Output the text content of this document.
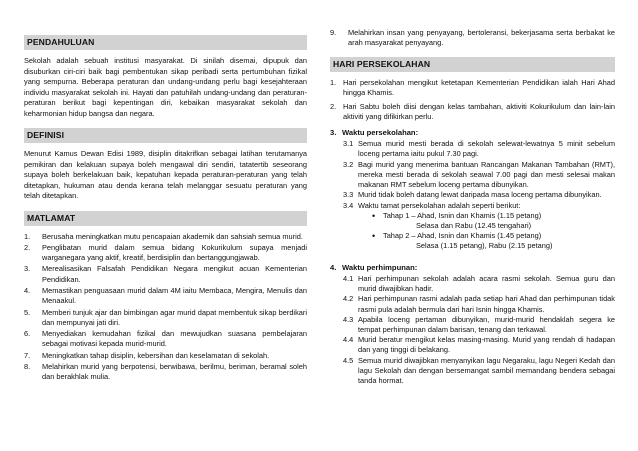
PENDAHULUAN

Sekolah adalah sebuah institusi masyarakat. Di sinilah disemai, dipupuk dan disuburkan ciri-ciri baik bagi pembentukan sikap peribadi serta pertumbuhan fizikal yang sempurna. Beberapa peraturan dan undang-undang perlu bagi kesejahteraan individu masyarakat sekolah ini. Hayati dan patuhilah undang-undang dan peraturan-peraturan berikut bagi kepentingan diri, kebaikan masyarakat sekolah dan keharmonian hidup bangsa dan negara.

DEFINISI

Menurut Kamus Dewan Edisi 1989, disiplin ditakrifkan sebagai latihan terutamanya pemikiran dan kelakuan supaya boleh mengawal diri sendiri, tatatertib seseorang supaya boleh berkelakuan baik, kepatuhan kepada peraturan-peraturan yang telah ditetapkan, hukuman atau denda kerana telah melanggar sesuatu peraturan yang telah ditetapkan.

MATLAMAT
1.	Berusaha meningkatkan mutu pencapaian akademik dan sahsiah semua murid.
2.	Penglibatan murid dalam semua bidang Kokurikulum supaya menjadi warganegara yang aktif, kreatif, berdisiplin dan bertanggungjawab.
3.	Merealisasikan Falsafah Pendidikan Negara mengikut acuan Kementerian Pendidikan.
4.	Memastikan penguasaan murid dalam 4M iaitu Membaca, Mengira, Menulis dan Menaakul.
5.	Memberi tunjuk ajar dan bimbingan agar murid dapat membentuk sikap berdikari dan mempunyai jati diri.
6.	Menyediakan kemudahan fizikal dan mewujudkan suasana pembelajaran sebagai motivasi kepada murid-murid.
7.	Meningkatkan tahap disiplin, kebersihan dan keselamatan di sekolah.
8.	Melahirkan murid yang berpotensi, berwibawa, berilmu, beriman, beramal soleh dan berakhlak mulia.
9.	Melahirkan insan yang penyayang, bertoleransi, bekerjasama serta berbakat ke arah masyarakat penyayang.
HARI PERSEKOLAHAN
1. Hari persekolahan mengikut ketetapan Kementerian Pendidikan ialah Hari Ahad hingga Khamis.
2. Hari Sabtu boleh diisi dengan kelas tambahan, aktiviti Kokurikulum dan lain-lain aktiviti yang difikirkan perlu.
3. Waktu persekolahan:
3.1 Semua murid mesti berada di sekolah selewat-lewatnya 5 minit sebelum loceng pertama iaitu pukul 7.30 pagi.
3.2 Bagi murid yang menerima bantuan Rancangan Makanan Tambahan (RMT), mereka mesti berada di sekolah seawal 7.00 pagi dan mesti selesai makan makanan RMT sebelum loceng pertama dibunyikan.
3.3 Murid tidak boleh datang lewat daripada masa loceng pertama dibunyikan.
3.4 Waktu tamat persekolahan adalah seperti berikut:
•	Tahap 1 – Ahad, Isnin dan Khamis (1.15 petang)
Selasa dan Rabu (12.45 tengahari)
•	Tahap 2 – Ahad, Isnin dan Khamis (1.45 petang)
Selasa (1.15 petang), Rabu (2.15 petang)
4. Waktu perhimpunan:
4.1 Hari perhimpunan sekolah adalah acara rasmi sekolah. Semua guru dan murid diwajibkan hadir.
4.2 Hari perhimpunan rasmi adalah pada setiap hari Ahad dan perhimpunan tidak rasmi pula adalah bermula dari hari Isnin hingga Khamis.
4.3 Apabila loceng pertaman dibunyikan, murid-murid hendaklah segera ke tempat perhimpunan dalam barisan, tenang dan terkawal.
4.4 Murid beratur mengikut kelas masing-masing. Murid yang rendah di hadapan dan yang tinggi di belakang.
4.5 Semua murid diwajibkan menyanyikan lagu Negaraku, lagu Negeri Kedah dan lagu Sekolah dan dengan bersemangat sambil memandang bendera sebagai tanda hormat.
